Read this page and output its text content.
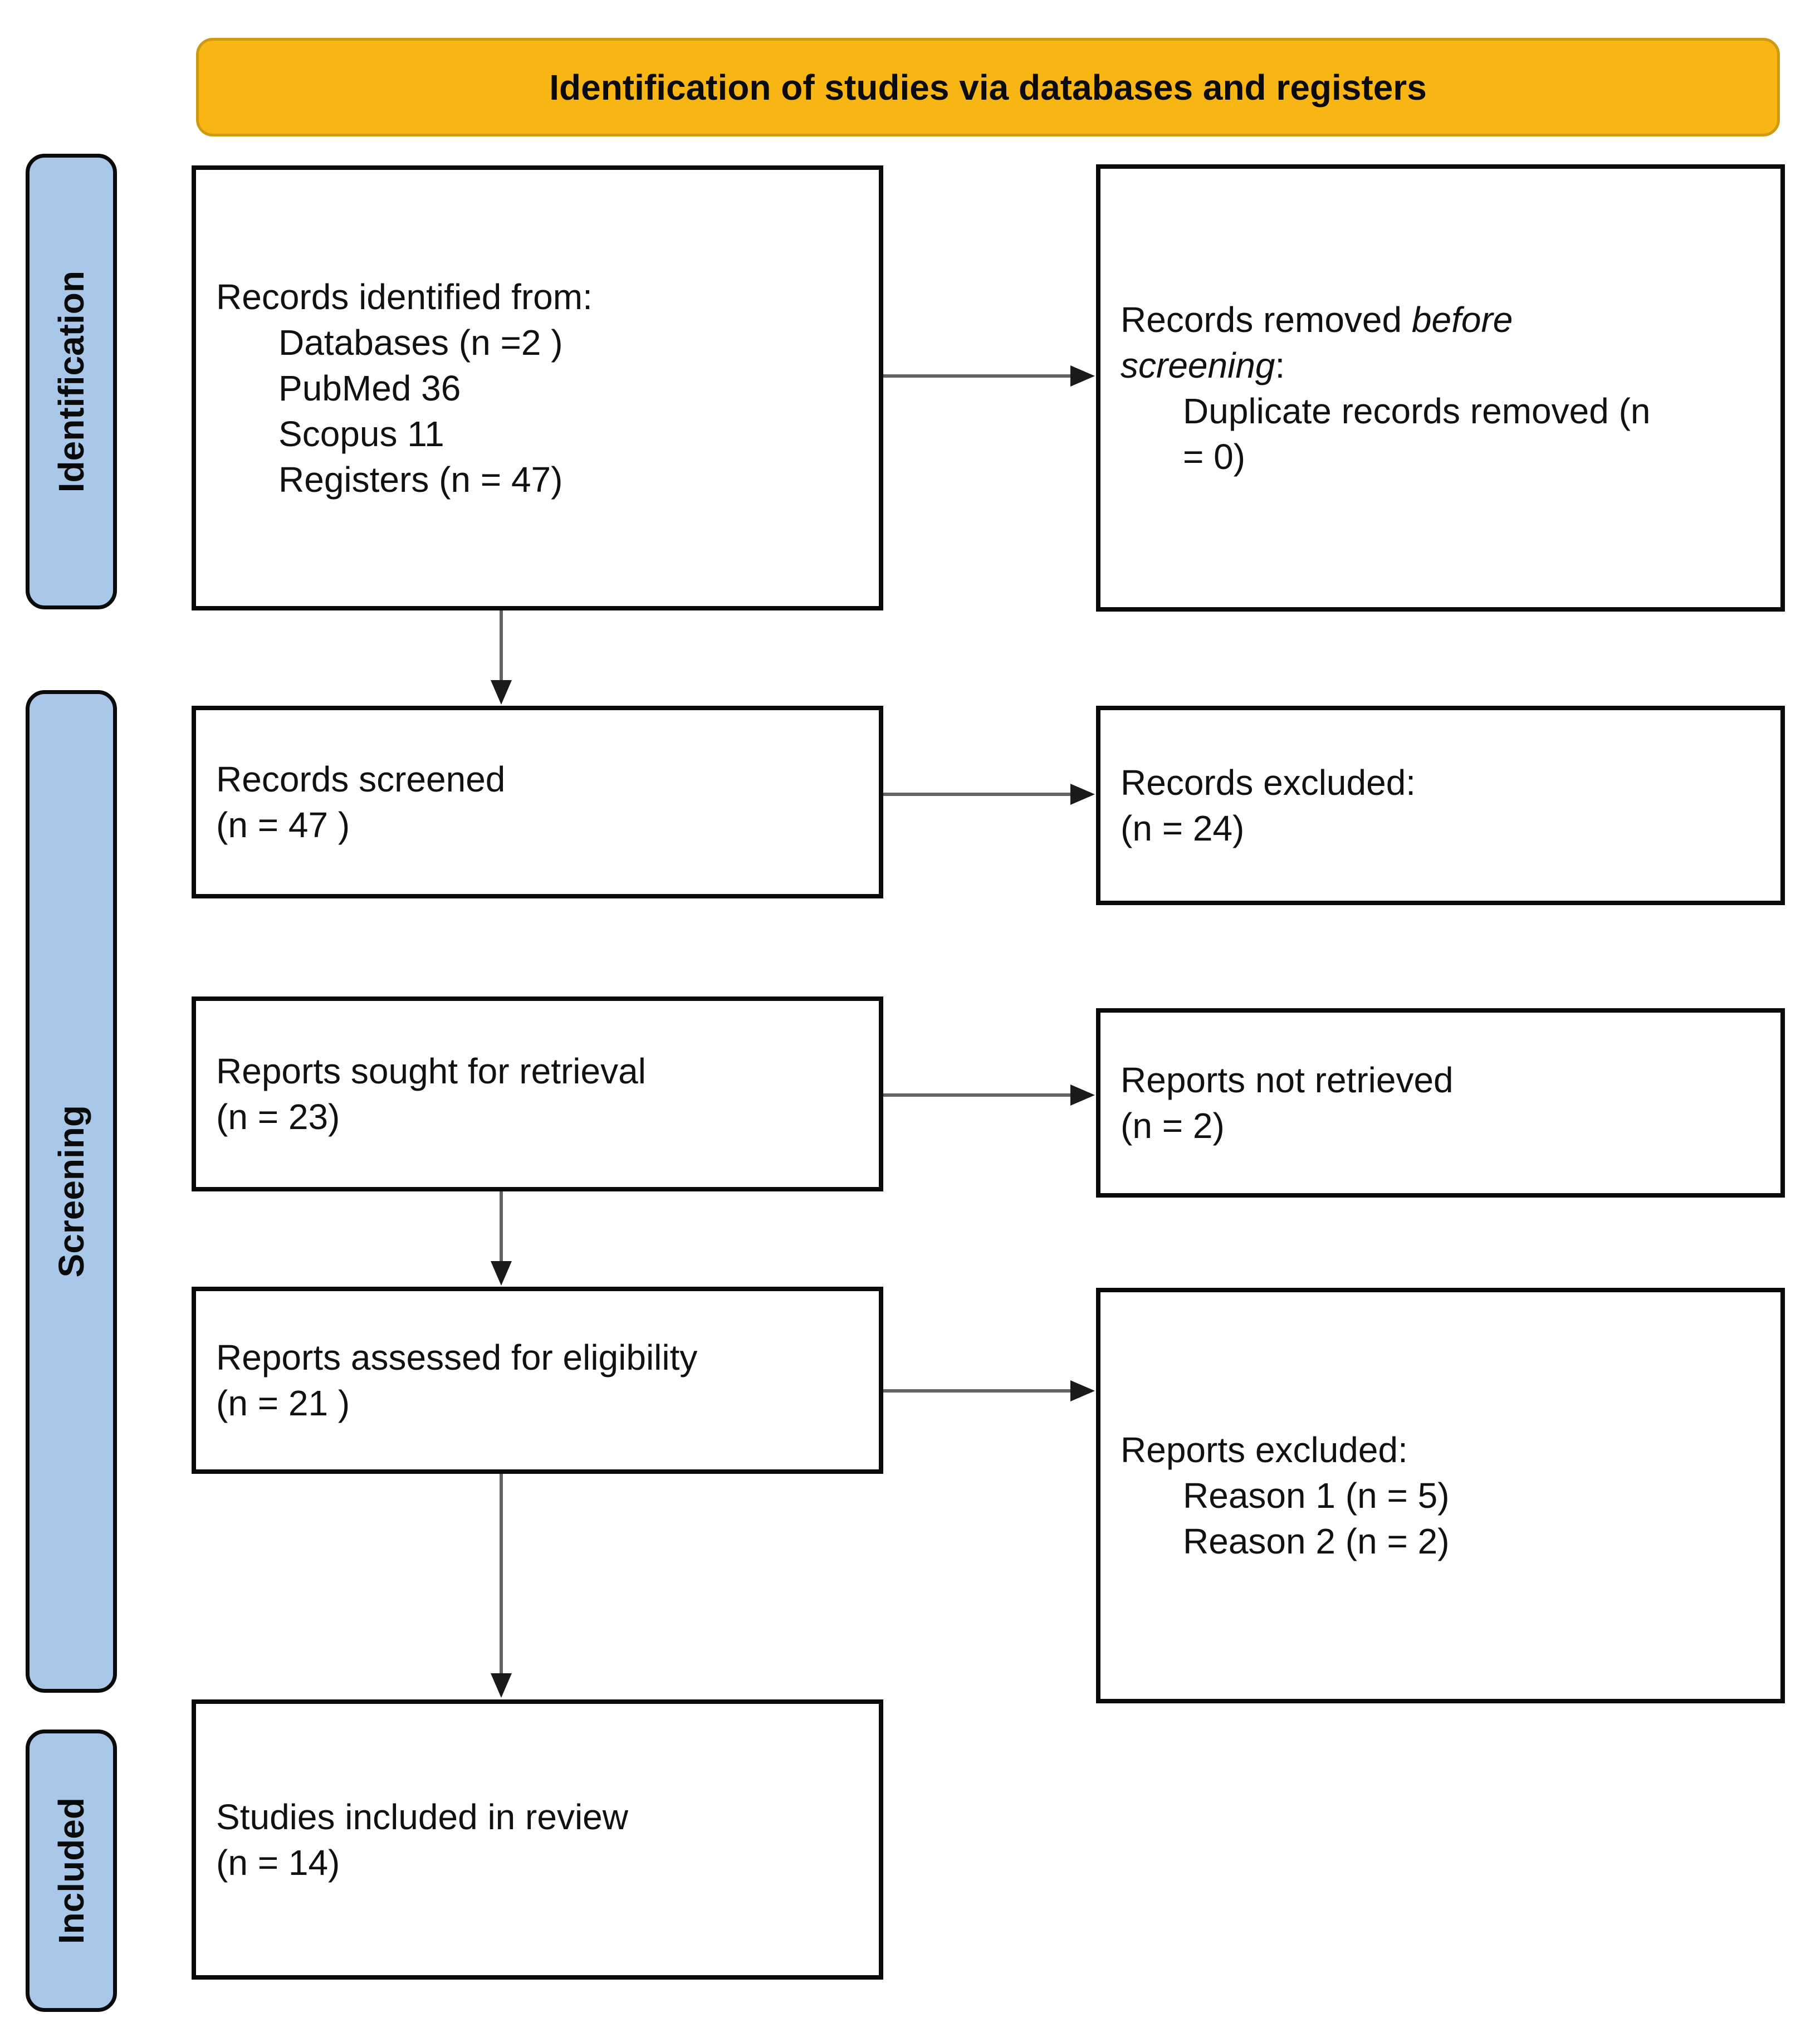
Identification of studies via databases and registers
Identification
Screening
Included
Records identified from:
Databases (n =2 )
PubMed 36
Scopus 11
Registers (n = 47)
Records removed before
screening:
Duplicate records removed (n
= 0)
Records screened
(n = 47 )
Records excluded:
(n = 24)
Reports sought for retrieval
(n = 23)
Reports not retrieved
(n = 2)
Reports assessed for eligibility
(n = 21 )
Reports excluded:
Reason 1 (n = 5)
Reason 2 (n = 2)
Studies included in review
(n = 14)
